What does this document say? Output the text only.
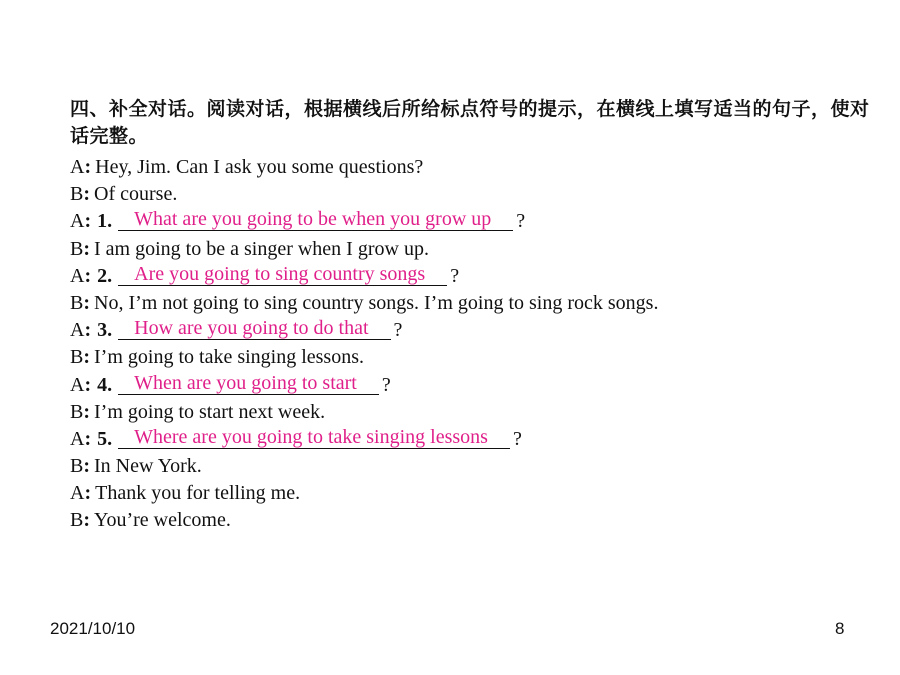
四、补全对话。阅读对话，根据横线后所给标点符号的提示，在横线上填写适当的句子，使对话完整。
A: Hey, Jim. Can I ask you some questions?
B: Of course.
A: 1. What are you going to be when you grow up ?
B: I am going to be a singer when I grow up.
A: 2. Are you going to sing country songs ?
B: No, I’m not going to sing country songs. I’m going to sing rock songs.
A: 3. How are you going to do that ?
B: I’m going to take singing lessons.
A: 4. When are you going to start ?
B: I’m going to start next week.
A: 5. Where are you going to take singing lessons ?
B: In New York.
A: Thank you for telling me.
B: You’re welcome.
2021/10/10	8
